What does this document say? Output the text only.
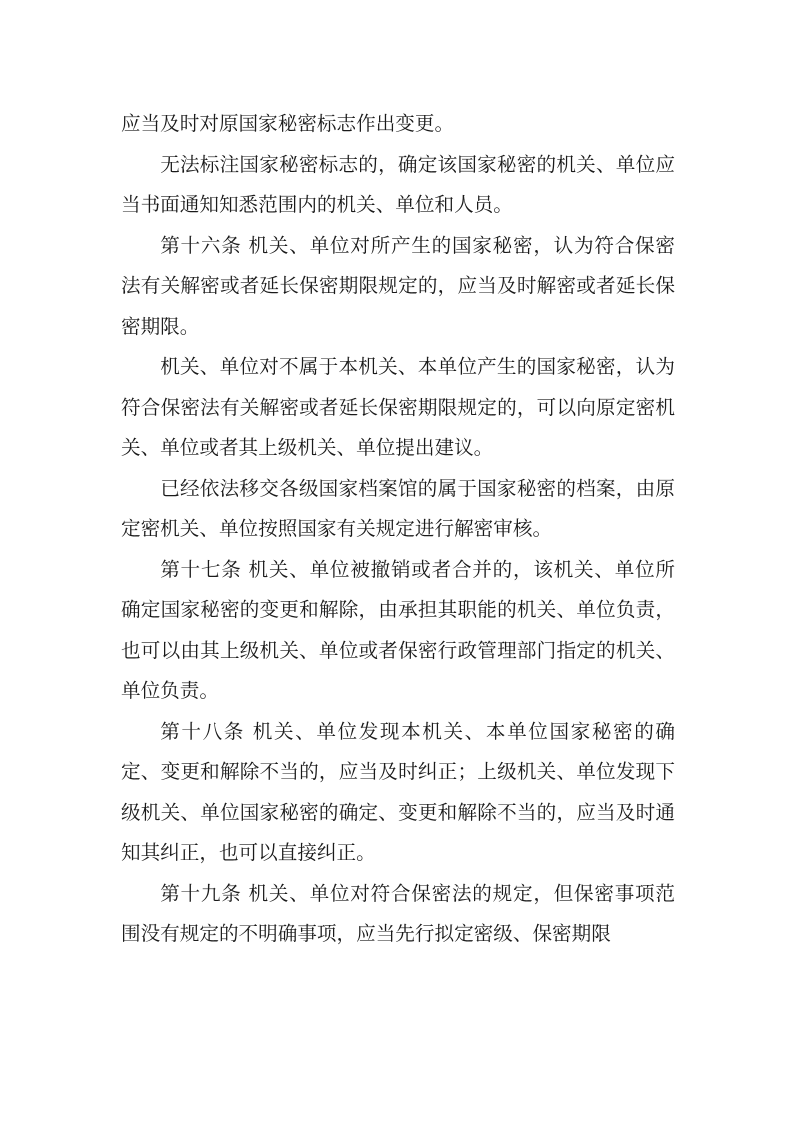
应当及时对原国家秘密标志作出变更。

无法标注国家秘密标志的，确定该国家秘密的机关、单位应当书面通知知悉范围内的机关、单位和人员。

第十六条 机关、单位对所产生的国家秘密，认为符合保密法有关解密或者延长保密期限规定的，应当及时解密或者延长保密期限。

机关、单位对不属于本机关、本单位产生的国家秘密，认为符合保密法有关解密或者延长保密期限规定的，可以向原定密机关、单位或者其上级机关、单位提出建议。

已经依法移交各级国家档案馆的属于国家秘密的档案，由原定密机关、单位按照国家有关规定进行解密审核。

第十七条 机关、单位被撤销或者合并的，该机关、单位所确定国家秘密的变更和解除，由承担其职能的机关、单位负责，也可以由其上级机关、单位或者保密行政管理部门指定的机关、单位负责。

第十八条 机关、单位发现本机关、本单位国家秘密的确定、变更和解除不当的，应当及时纠正；上级机关、单位发现下级机关、单位国家秘密的确定、变更和解除不当的，应当及时通知其纠正，也可以直接纠正。

第十九条 机关、单位对符合保密法的规定，但保密事项范围没有规定的不明确事项，应当先行拟定密级、保密期限
